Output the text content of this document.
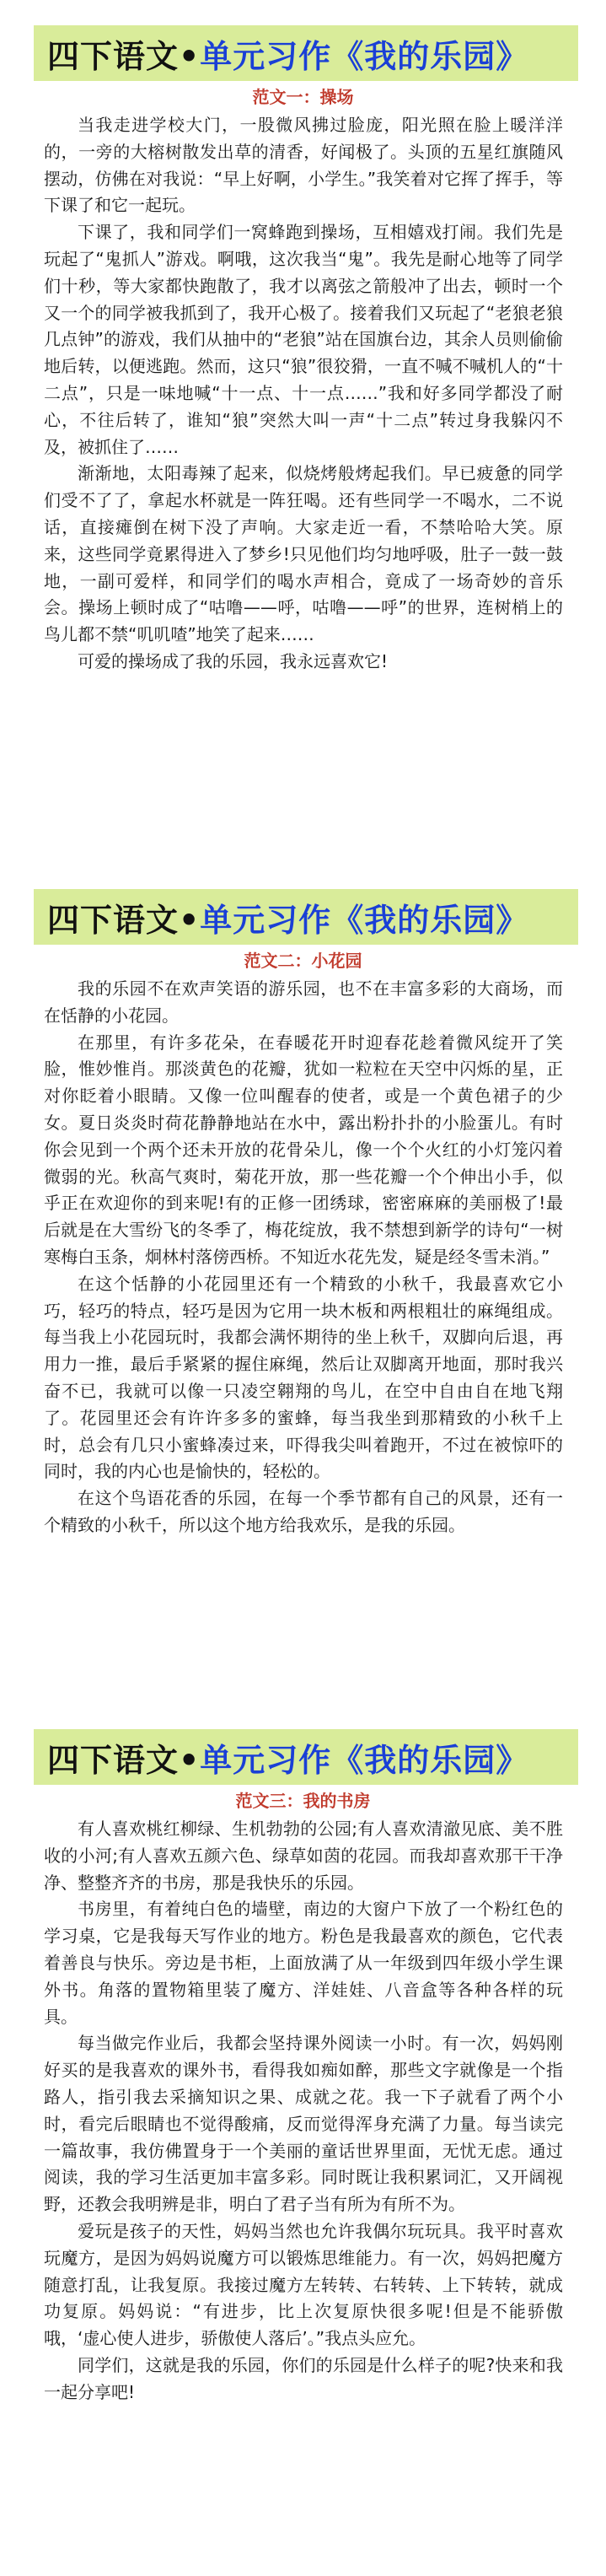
四下语文• 单元习作《我的乐园》
范文一：操场

当我走进学校大门，一股微风拂过脸庞，阳光照在脸上暖洋洋的，一旁的大榕树散发出草的清香，好闻极了。头顶的五星红旗随风摆动，仿佛在对我说：“早上好啊，小学生。”我笑着对它挥了挥手，等下课了和它一起玩。

下课了，我和同学们一窝蜂跑到操场，互相嬉戏打闹。我们先是玩起了“鬼抓人”游戏。啊哦，这次我当“鬼”。我先是耐心地等了同学们十秒，等大家都快跑散了，我才以离弦之箭般冲了出去，顿时一个又一个的同学被我抓到了，我开心极了。接着我们又玩起了“老狼老狼几点钟”的游戏，我们从抽中的“老狼”站在国旗台边，其余人员则偷偷地后转，以便逃跑。然而，这只“狼”很狡猾，一直不喊不喊机人的“十二点”，只是一味地喊“十一点、十一点……”我和好多同学都没了耐心，不往后转了，谁知“狼”突然大叫一声“十二点”转过身我躲闪不及，被抓住了……

渐渐地，太阳毒辣了起来，似烧烤般烤起我们。早已疲惫的同学们受不了了，拿起水杯就是一阵狂喝。还有些同学一不喝水，二不说话，直接瘫倒在树下没了声响。大家走近一看，不禁哈哈大笑。原来，这些同学竟累得进入了梦乡!只见他们均匀地呼吸，肚子一鼓一鼓地，一副可爱样，和同学们的喝水声相合，竟成了一场奇妙的音乐会。操场上顿时成了“咕噜——呼，咕噜——呼”的世界，连树梢上的鸟儿都不禁“叽叽喳”地笑了起来……

可爱的操场成了我的乐园，我永远喜欢它!

四下语文• 单元习作《我的乐园》
范文二：小花园

我的乐园不在欢声笑语的游乐园，也不在丰富多彩的大商场，而在恬静的小花园。

在那里，有许多花朵，在春暖花开时迎春花趁着微风绽开了笑脸，惟妙惟肖。那淡黄色的花瓣，犹如一粒粒在天空中闪烁的星，正对你眨着小眼睛。又像一位叫醒春的使者，或是一个黄色裙子的少女。夏日炎炎时荷花静静地站在水中，露出粉扑扑的小脸蛋儿。有时你会见到一个两个还未开放的花骨朵儿，像一个个火红的小灯笼闪着微弱的光。秋高气爽时，菊花开放，那一些花瓣一个个伸出小手，似乎正在欢迎你的到来呢!有的正修一团绣球，密密麻麻的美丽极了!最后就是在大雪纷飞的冬季了，梅花绽放，我不禁想到新学的诗句“一树寒梅白玉条，炯林村落傍西桥。不知近水花先发，疑是经冬雪未消。”

在这个恬静的小花园里还有一个精致的小秋千，我最喜欢它小巧，轻巧的特点，轻巧是因为它用一块木板和两根粗壮的麻绳组成。每当我上小花园玩时，我都会满怀期待的坐上秋千，双脚向后退，再用力一推，最后手紧紧的握住麻绳，然后让双脚离开地面，那时我兴奋不已，我就可以像一只凌空翱翔的鸟儿，在空中自由自在地飞翔了。花园里还会有许许多多的蜜蜂，每当我坐到那精致的小秋千上时，总会有几只小蜜蜂凑过来，吓得我尖叫着跑开，不过在被惊吓的同时，我的内心也是愉快的，轻松的。

在这个鸟语花香的乐园，在每一个季节都有自己的风景，还有一个精致的小秋千，所以这个地方给我欢乐，是我的乐园。

四下语文• 单元习作《我的乐园》
范文三：我的书房

有人喜欢桃红柳绿、生机勃勃的公园;有人喜欢清澈见底、美不胜收的小河;有人喜欢五颜六色、绿草如茵的花园。而我却喜欢那干干净净、整整齐齐的书房，那是我快乐的乐园。

书房里，有着纯白色的墙壁，南边的大窗户下放了一个粉红色的学习桌，它是我每天写作业的地方。粉色是我最喜欢的颜色，它代表着善良与快乐。旁边是书柜，上面放满了从一年级到四年级小学生课外书。角落的置物箱里装了魔方、洋娃娃、八音盒等各种各样的玩具。

每当做完作业后，我都会坚持课外阅读一小时。有一次，妈妈刚好买的是我喜欢的课外书，看得我如痴如醉，那些文字就像是一个指路人，指引我去采摘知识之果、成就之花。我一下子就看了两个小时，看完后眼睛也不觉得酸痛，反而觉得浑身充满了力量。每当读完一篇故事，我仿佛置身于一个美丽的童话世界里面，无忧无虑。通过阅读，我的学习生活更加丰富多彩。同时既让我积累词汇，又开阔视野，还教会我明辨是非，明白了君子当有所为有所不为。

爱玩是孩子的天性，妈妈当然也允许我偶尔玩玩具。我平时喜欢玩魔方，是因为妈妈说魔方可以锻炼思维能力。有一次，妈妈把魔方随意打乱，让我复原。我接过魔方左转转、右转转、上下转转，就成功复原。妈妈说：“有进步，比上次复原快很多呢!但是不能骄傲哦，‘虚心使人进步，骄傲使人落后’。”我点头应允。

同学们，这就是我的乐园，你们的乐园是什么样子的呢?快来和我一起分享吧!
